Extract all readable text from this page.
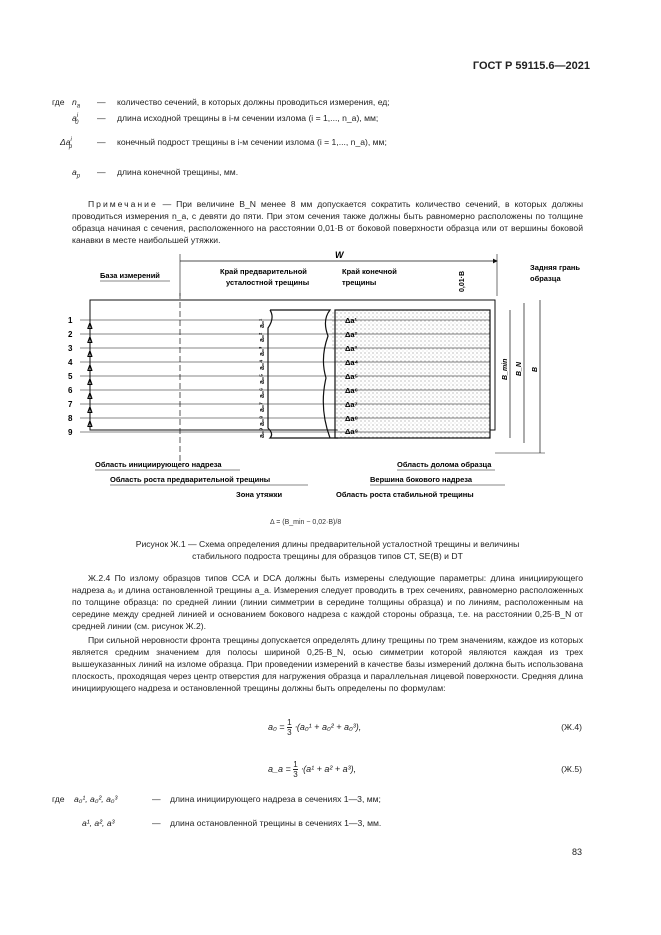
ГОСТ Р 59115.6—2021
где $n_a$ — количество сечений, в которых должны проводиться измерения, ед;
$a^i_0$ — длина исходной трещины в i-м сечении излома (i = 1,..., n_a), мм;
$\Delta a^i_p$	— конечный подрост трещины в i-м сечении излома (i = 1,..., n_a), мм;
$a_p$ — длина конечной трещины, мм.
Примечание — При величине B_N менее 8 мм допускается сократить количество сечений, в которых должны проводиться измерения n_a, с девяти до пяти. При этом сечения также должны быть равномерно расположены по толщине образца начиная с сечения, расположенного на расстоянии 0,01·B от боковой поверхности образца или от вершины боковой канавки в месте наибольшей утяжки.
W
База измерений	Край предварительной
усталостной трещины
Край конечной
трещины
Задняя грань
образца
0,01·B
1
2
3
4
5
6
7
8
9
Δ
Δ
Δ
Δ
Δ
Δ
Δ
Δ
a₀¹
a₀²
a₀³
a₀⁴
a₀⁵
a₀⁶
a₀⁷
a₀⁸
a₀⁹
Δa¹
Δa²
Δa³
Δa⁴
Δa⁵
Δa⁶
Δa⁷
Δa⁸
Δa⁹
B_min B_N B
Область инициирующего надреза
Область роста предварительной трещины
Зона утяжки
Область долома образца
Вершина бокового надреза
Область роста стабильной трещины
Δ = (B_min − 0,02·B)/8
Рисунок Ж.1 — Схема определения длины предварительной усталостной трещины и величины
стабильного подроста трещины для образцов типов CT, SE(B) и DT
Ж.2.4 По излому образцов типов CCA и DCA должны быть измерены следующие параметры: длина инициирующего надреза a₀ и длина остановленной трещины a_a. Измерения следует проводить в трех сечениях, равномерно расположенных по толщине образца: по средней линии (линии симметрии в середине толщины образца) и по линиям, расположенным на середине между средней линией и основанием бокового надреза с каждой стороны образца, т.е. на расстоянии 0,25·B_N от средней линии (см. рисунок Ж.2).
При сильной неровности фронта трещины допускается определять длину трещины по трем значениям, каждое из которых является средним значением для полосы шириной 0,25·B_N, осью симметрии которой являются каждая из трех вышеуказанных линий на изломе образца. При проведении измерений в качестве базы измерений должна быть использована плоскость, проходящая через центр отверстия для нагружения образца и параллельная лицевой поверхности. Средняя длина инициирующего надреза и остановленной трещины должны быть определены по формулам:
$a_0 = \frac{1}{3} \cdot(a_0^1 + a_0^2 + a_0^3)$,	(Ж.4)
a_a = $\frac{1}{3} \cdot(a^1 + a^2 + a^3)$,	(Ж.5)
где a₀¹, a₀², a₀³	— длина инициирующего надреза в сечениях 1—3, мм;
a¹, a², a³	— длина остановленной трещины в сечениях 1—3, мм.
83
